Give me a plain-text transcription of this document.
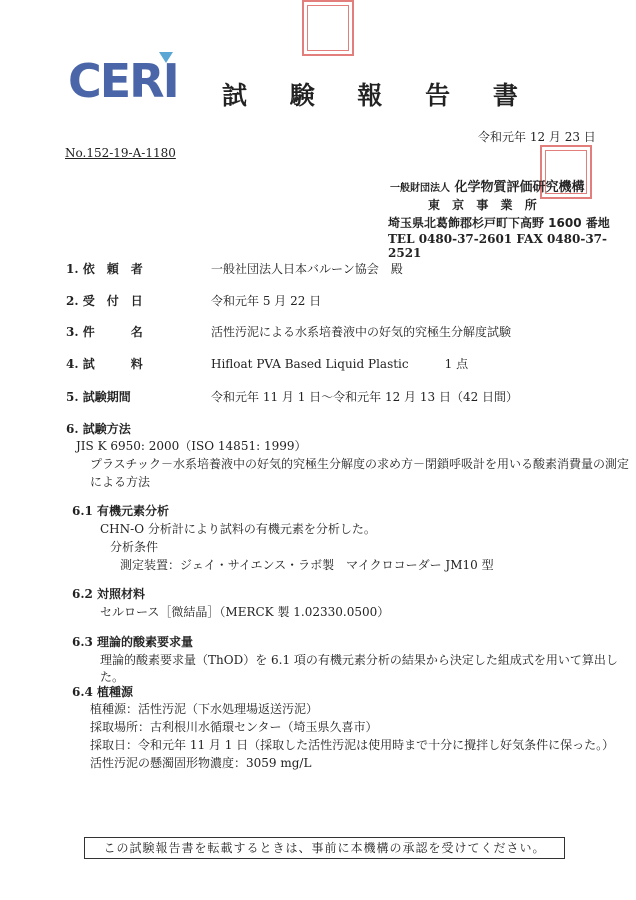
CERI 試 験 報 告 書
令和元年 12 月 23 日
No.152-19-A-1180
一般財団法人 化学物質評価研究機構
東 京 事 業 所
埼玉県北葛飾郡杉戸町下高野 1600 番地
TEL 0480-37-2601 FAX 0480-37-2521
1. 依　頼　者	一般社団法人日本バルーン協会　殿
2. 受　付　日	令和元年 5 月 22 日
3. 件　　　名	活性汚泥による水系培養液中の好気的究極生分解度試験
4. 試　　　料	Hifloat PVA Based Liquid Plastic　　　1 点
5. 試験期間	令和元年 11 月 1 日～令和元年 12 月 13 日（42 日間）
6. 試験方法
JIS K 6950: 2000（ISO 14851: 1999）
プラスチック－水系培養液中の好気的究極生分解度の求め方－閉鎖呼吸計を用いる酸素消費量の測定
による方法
6.1 有機元素分析
CHN-O 分析計により試料の有機元素を分析した。
分析条件
測定装置：ジェイ・サイエンス・ラボ製　マイクロコーダー JM10 型
6.2 対照材料
セルロース［微結晶］（MERCK 製 1.02330.0500）
6.3 理論的酸素要求量
理論的酸素要求量（ThOD）を 6.1 項の有機元素分析の結果から決定した組成式を用いて算出した。
6.4 植種源
植種源：活性汚泥（下水処理場返送汚泥）
採取場所：古利根川水循環センター（埼玉県久喜市）
採取日：令和元年 11 月 1 日（採取した活性汚泥は使用時まで十分に攪拌し好気条件に保った。）
活性汚泥の懸濁固形物濃度：3059 mg/L
この試験報告書を転載するときは、事前に本機構の承認を受けてください。
